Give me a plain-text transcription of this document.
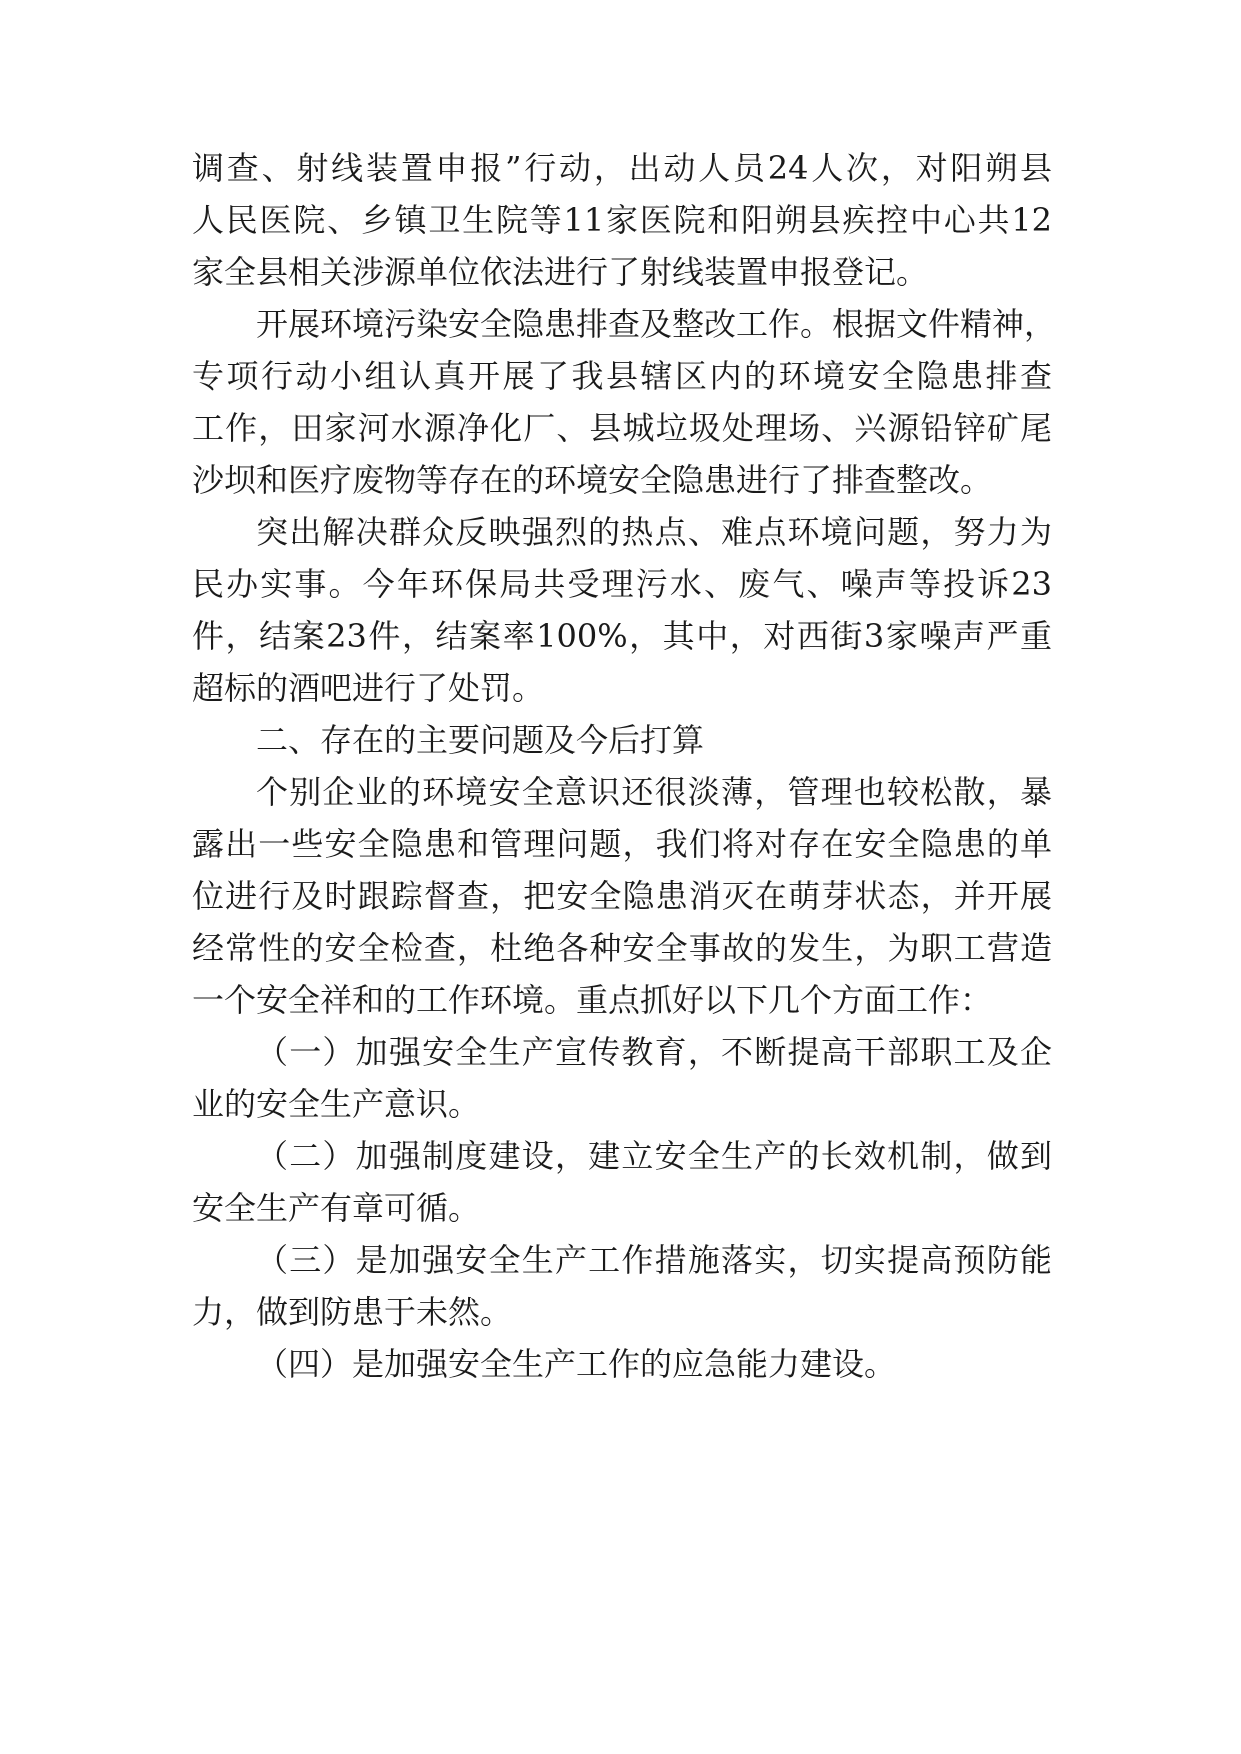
调查、射线装置申报”行动，出动人员24人次，对阳朔县
人民医院、乡镇卫生院等11家医院和阳朔县疾控中心共12
家全县相关涉源单位依法进行了射线装置申报登记。
开展环境污染安全隐患排查及整改工作。根据文件精神，
专项行动小组认真开展了我县辖区内的环境安全隐患排查
工作，田家河水源净化厂、县城垃圾处理场、兴源铅锌矿尾
沙坝和医疗废物等存在的环境安全隐患进行了排查整改。
突出解决群众反映强烈的热点、难点环境问题，努力为
民办实事。今年环保局共受理污水、废气、噪声等投诉23
件，结案23件，结案率100%，其中，对西街3家噪声严重
超标的酒吧进行了处罚。
二、存在的主要问题及今后打算
个别企业的环境安全意识还很淡薄，管理也较松散，暴
露出一些安全隐患和管理问题，我们将对存在安全隐患的单
位进行及时跟踪督查，把安全隐患消灭在萌芽状态，并开展
经常性的安全检查，杜绝各种安全事故的发生，为职工营造
一个安全祥和的工作环境。重点抓好以下几个方面工作：
（一）加强安全生产宣传教育，不断提高干部职工及企
业的安全生产意识。
（二）加强制度建设，建立安全生产的长效机制，做到
安全生产有章可循。
（三）是加强安全生产工作措施落实，切实提高预防能
力，做到防患于未然。
（四）是加强安全生产工作的应急能力建设。
